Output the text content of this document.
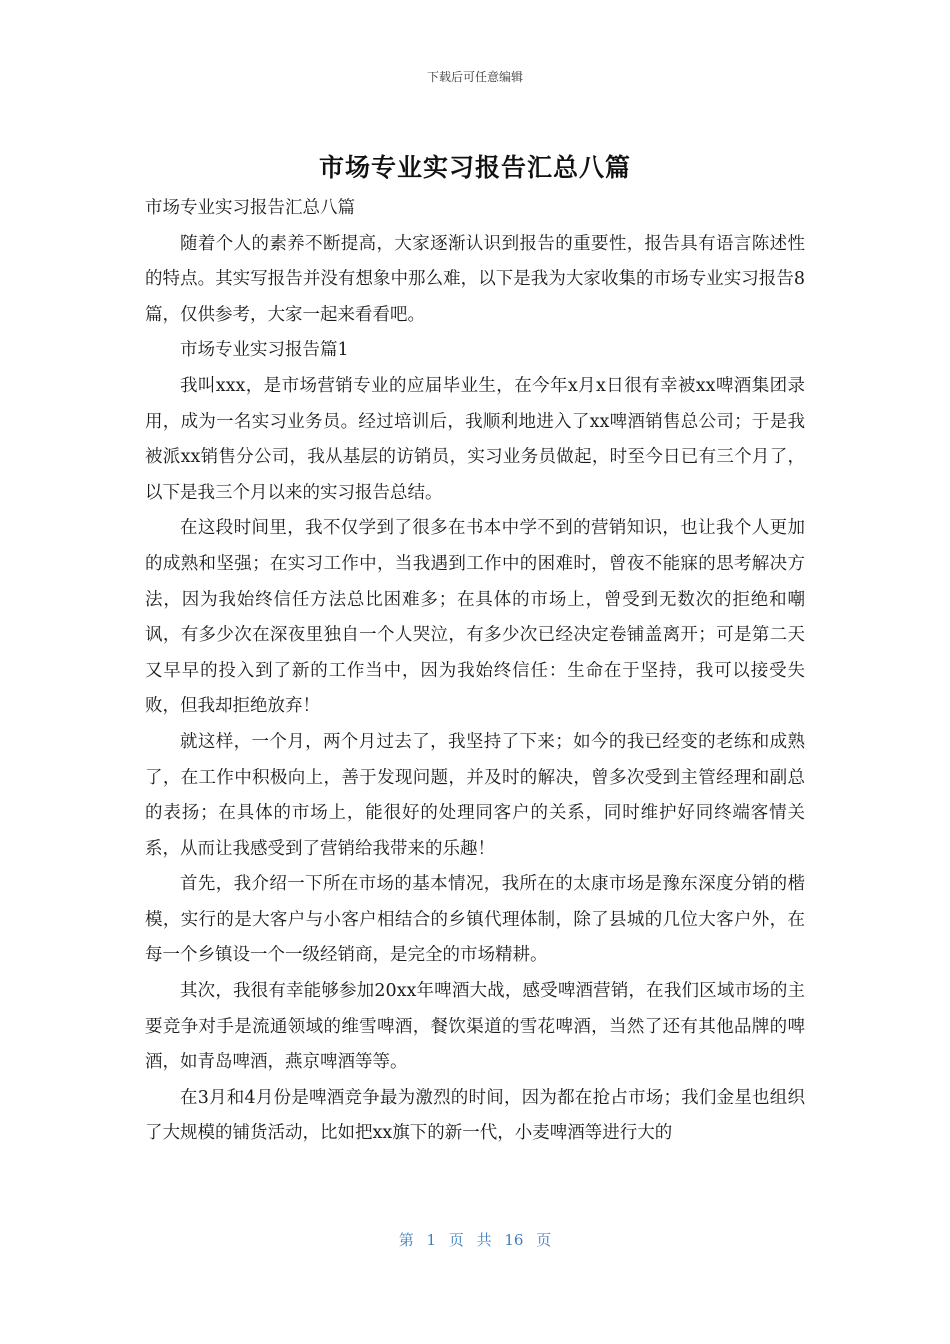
下载后可任意编辑
市场专业实习报告汇总八篇

市场专业实习报告汇总八篇

随着个人的素养不断提高，大家逐渐认识到报告的重要性，报告具有语言陈述性的特点。其实写报告并没有想象中那么难，以下是我为大家收集的市场专业实习报告8篇，仅供参考，大家一起来看看吧。

市场专业实习报告篇1

我叫xxx，是市场营销专业的应届毕业生，在今年x月x日很有幸被xx啤酒集团录用，成为一名实习业务员。经过培训后，我顺利地进入了xx啤酒销售总公司；于是我被派xx销售分公司，我从基层的访销员，实习业务员做起，时至今日已有三个月了，以下是我三个月以来的实习报告总结。

在这段时间里，我不仅学到了很多在书本中学不到的营销知识，也让我个人更加的成熟和坚强；在实习工作中，当我遇到工作中的困难时，曾夜不能寐的思考解决方法，因为我始终信任方法总比困难多；在具体的市场上，曾受到无数次的拒绝和嘲讽，有多少次在深夜里独自一个人哭泣，有多少次已经决定卷铺盖离开；可是第二天又早早的投入到了新的工作当中，因为我始终信任：生命在于坚持，我可以接受失败，但我却拒绝放弃！

就这样，一个月，两个月过去了，我坚持了下来；如今的我已经变的老练和成熟了，在工作中积极向上，善于发现问题，并及时的解决，曾多次受到主管经理和副总的表扬；在具体的市场上，能很好的处理同客户的关系，同时维护好同终端客情关系，从而让我感受到了营销给我带来的乐趣！

首先，我介绍一下所在市场的基本情况，我所在的太康市场是豫东深度分销的楷模，实行的是大客户与小客户相结合的乡镇代理体制，除了县城的几位大客户外，在每一个乡镇设一个一级经销商，是完全的市场精耕。

其次，我很有幸能够参加20xx年啤酒大战，感受啤酒营销，在我们区域市场的主要竞争对手是流通领域的维雪啤酒，餐饮渠道的雪花啤酒，当然了还有其他品牌的啤酒，如青岛啤酒，燕京啤酒等等。

在3月和4月份是啤酒竞争最为激烈的时间，因为都在抢占市场；我们金星也组织了大规模的铺货活动，比如把xx旗下的新一代，小麦啤酒等进行大的

第 1 页 共 16 页
